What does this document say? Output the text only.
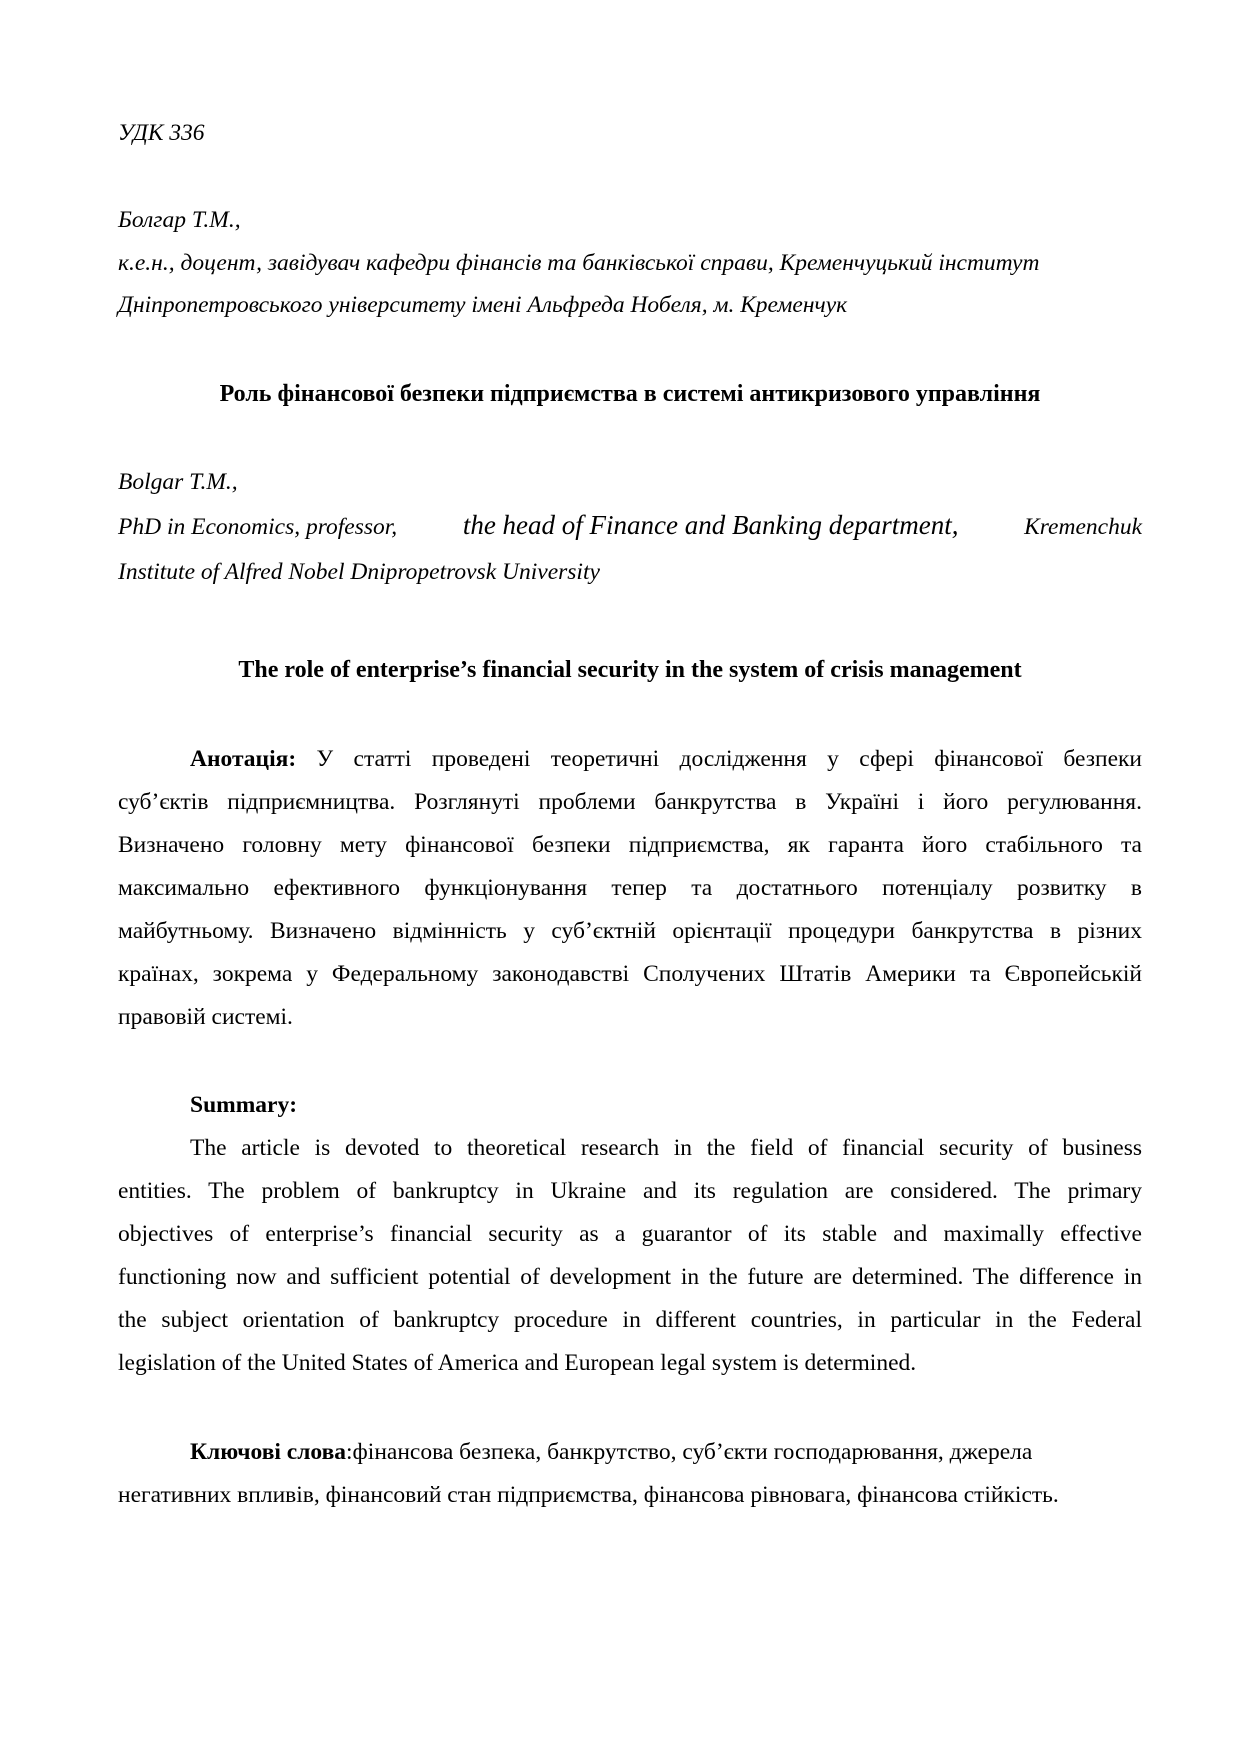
УДК 336
Болгар Т.М.,
к.е.н., доцент, завідувач кафедри фінансів та банківської справи, Кременчуцький інститут
Дніпропетровського університету імені Альфреда Нобеля, м. Кременчук
Роль фінансової безпеки підприємства в системі антикризового управління
Bolgar T.M.,
PhD in Economics, professor, the head of Finance and Banking department,	Kremenchuk
Institute of Alfred Nobel Dnipropetrovsk University
The role of enterprise’s financial security in the system of crisis management
Анотація: У статті проведені теоретичні дослідження у сфері фінансової безпеки
суб’єктів підприємництва. Розглянуті проблеми банкрутства в Україні і його регулювання.
Визначено головну мету фінансової безпеки підприємства, як гаранта його стабільного та
максимально ефективного функціонування тепер та достатнього потенціалу розвитку в
майбутньому. Визначено відмінність у суб’єктній орієнтації процедури банкрутства в різних
країнах, зокрема у Федеральному законодавстві Сполучених Штатів Америки та Європейській
правовій системі.
Summary:
The article is devoted to theoretical research in the field of financial security of business
entities. The problem of bankruptcy in Ukraine and its regulation are considered. The primary
objectives of enterprise’s financial security as a guarantor of its stable and maximally effective
functioning now and sufficient potential of development in the future are determined. The difference in
the subject orientation of bankruptcy procedure in different countries, in particular in the Federal
legislation of the United States of America and European legal system is determined.
Ключові слова:фінансова безпека, банкрутство, суб’єкти господарювання, джерела
негативних впливів, фінансовий стан підприємства, фінансова рівновага, фінансова стійкість.
